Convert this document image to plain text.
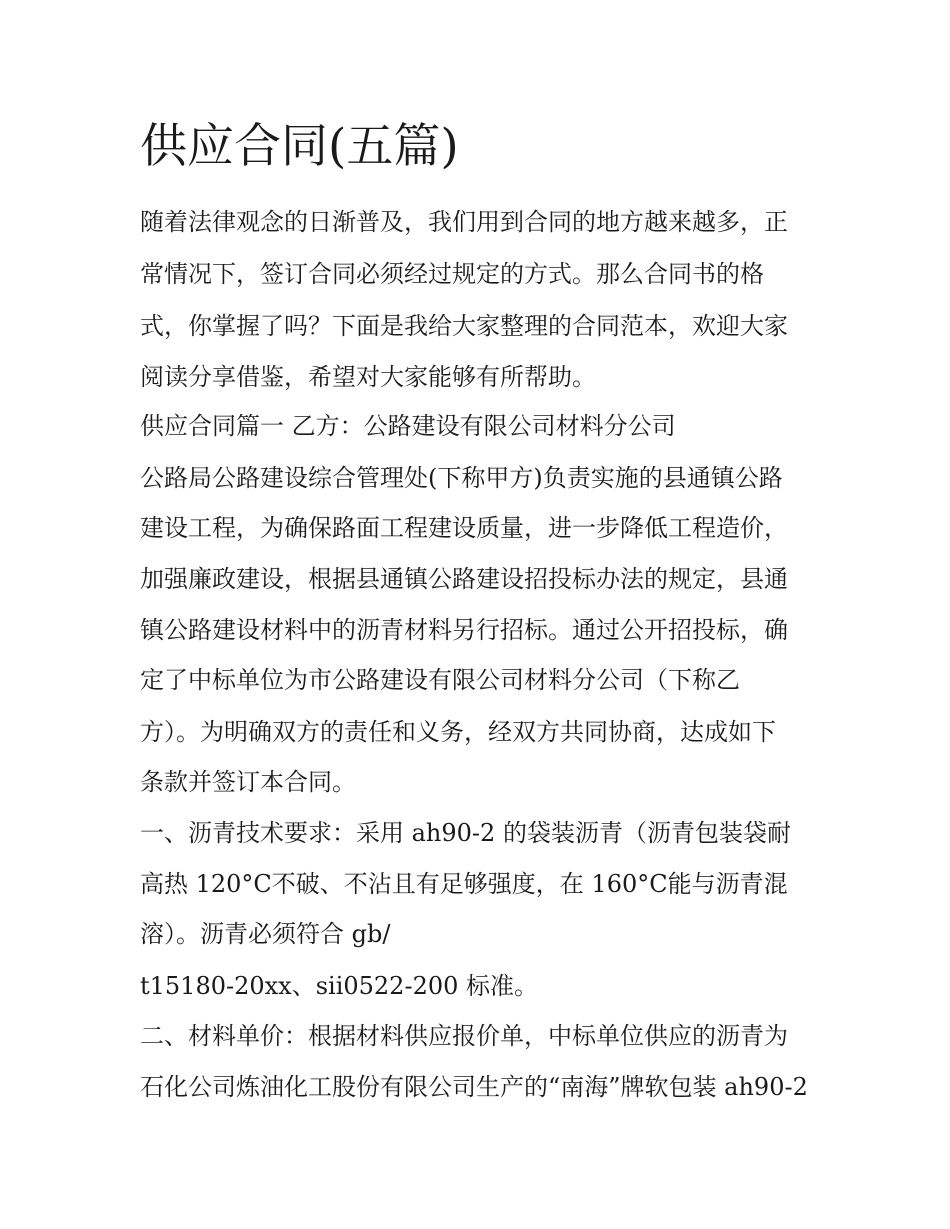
供应合同(五篇)

随着法律观念的日渐普及，我们用到合同的地方越来越多，正

常情况下，签订合同必须经过规定的方式。那么合同书的格

式，你掌握了吗？下面是我给大家整理的合同范本，欢迎大家

阅读分享借鉴，希望对大家能够有所帮助。

供应合同篇一 乙方：公路建设有限公司材料分公司

公路局公路建设综合管理处(下称甲方)负责实施的县通镇公路

建设工程，为确保路面工程建设质量，进一步降低工程造价，

加强廉政建设，根据县通镇公路建设招投标办法的规定，县通

镇公路建设材料中的沥青材料另行招标。通过公开招投标，确

定了中标单位为市公路建设有限公司材料分公司（下称乙

方）。为明确双方的责任和义务，经双方共同协商，达成如下

条款并签订本合同。

一、沥青技术要求：采用 ah90-2 的袋装沥青（沥青包装袋耐

高热 120°C不破、不沾且有足够强度，在 160°C能与沥青混

溶）。沥青必须符合 gb/

t15180-20xx、sii0522-200 标准。

二、材料单价：根据材料供应报价单，中标单位供应的沥青为

石化公司炼油化工股份有限公司生产的“南海”牌软包装 ah90-2
